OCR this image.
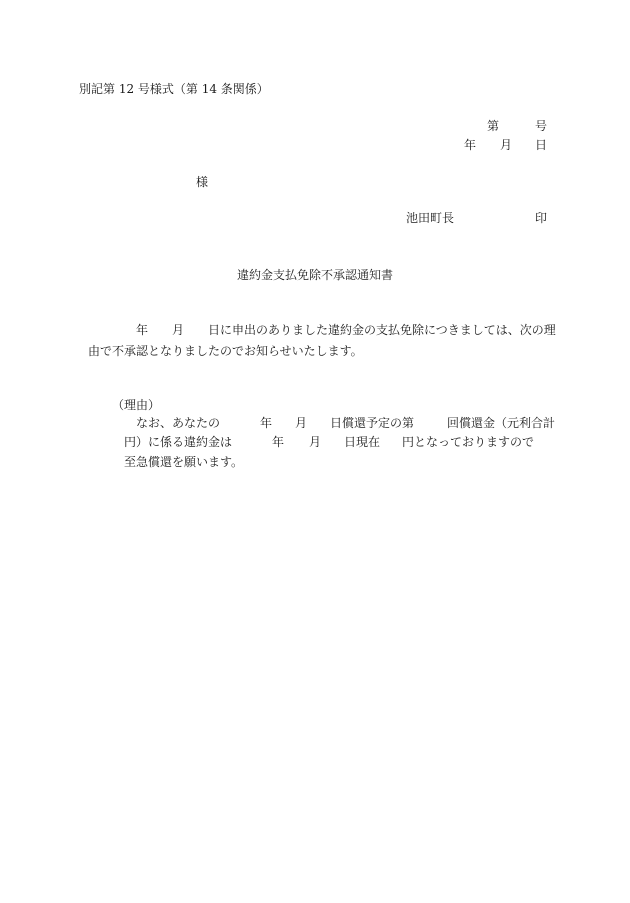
別記第 12 号様式（第 14 条関係）
第	号
年 月 日
様
池田町長	印
違約金支払免除不承認通知書
年 月 日に申出のありました違約金の支払免除につきましては、次の理
由で不承認となりましたのでお知らせいたします。
（理由）
なお、あなたの	年 月 日償還予定の第	回償還金（元利合計
円）に係る違約金は	年 月 日現在 円となっておりますので
至急償還を願います。
